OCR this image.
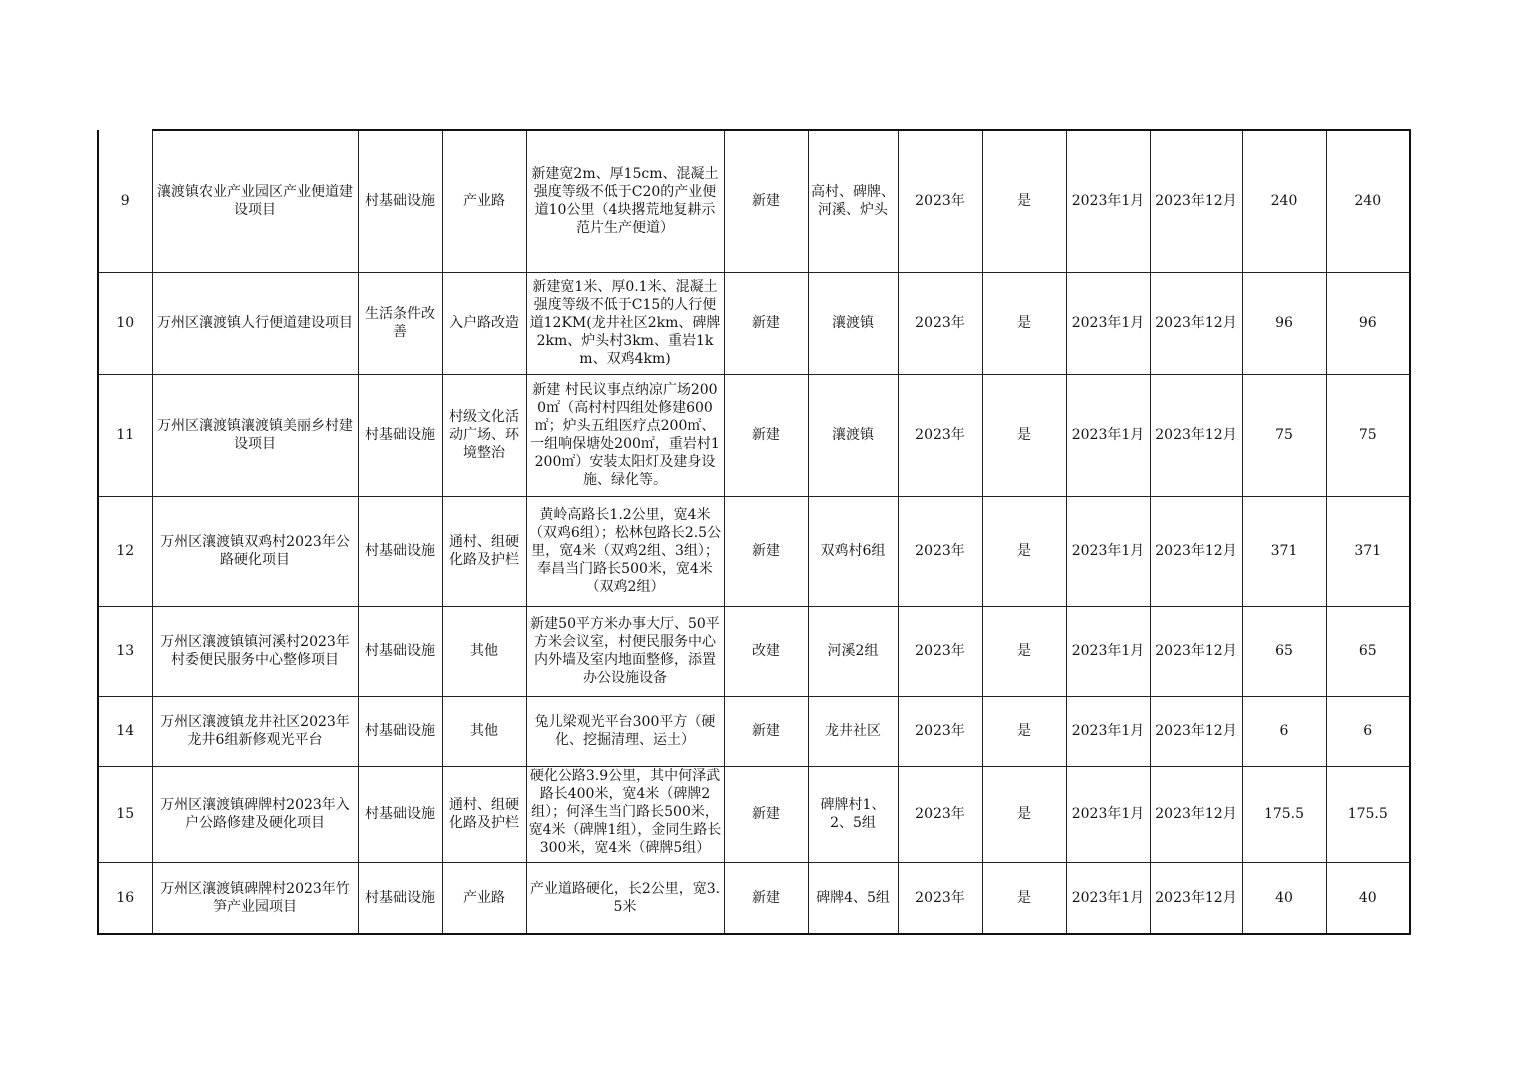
9	瀼渡镇农业产业园区产业便道建设项目	村基础设施	产业路	新建宽2m、厚15cm、混凝土强度等级不低于C20的产业便道10公里（4块撂荒地复耕示范片生产便道）	新建	高村、碑牌、河溪、炉头	2023年	是	2023年1月	2023年12月	240	240
10	万州区瀼渡镇人行便道建设项目	生活条件改善	入户路改造	新建宽1米、厚0.1米、混凝土强度等级不低于C15的人行便道12KM(龙井社区2km、碑牌2km、炉头村3km、重岩1km、双鸡4km)	新建	瀼渡镇	2023年	是	2023年1月	2023年12月	96	96
11	万州区瀼渡镇瀼渡镇美丽乡村建设项目	村基础设施	村级文化活动广场、环境整治	新建 村民议事点纳凉广场2000㎡（高村村四组处修建600㎡；炉头五组医疗点200㎡、一组响保塘处200㎡，重岩村1200㎡）安装太阳灯及建身设施、绿化等。	新建	瀼渡镇	2023年	是	2023年1月	2023年12月	75	75
12	万州区瀼渡镇双鸡村2023年公路硬化项目	村基础设施	通村、组硬化路及护栏	黄岭高路长1.2公里，宽4米（双鸡6组）；松林包路长2.5公里，宽4米（双鸡2组、3组）；奉昌当门路长500米，宽4米（双鸡2组）	新建	双鸡村6组	2023年	是	2023年1月	2023年12月	371	371
13	万州区瀼渡镇镇河溪村2023年村委便民服务中心整修项目	村基础设施	其他	新建50平方米办事大厅、50平方米会议室，村便民服务中心内外墙及室内地面整修，添置办公设施设备	改建	河溪2组	2023年	是	2023年1月	2023年12月	65	65
14	万州区瀼渡镇龙井社区2023年龙井6组新修观光平台	村基础设施	其他	兔儿梁观光平台300平方（硬化、挖掘清理、运土）	新建	龙井社区	2023年	是	2023年1月	2023年12月	6	6
15	万州区瀼渡镇碑牌村2023年入户公路修建及硬化项目	村基础设施	通村、组硬化路及护栏	硬化公路3.9公里，其中何泽武路长400米，宽4米（碑牌2组）；何泽生当门路长500米，宽4米（碑牌1组），金同生路长300米，宽4米（碑牌5组）	新建	碑牌村1、2、5组	2023年	是	2023年1月	2023年12月	175.5	175.5
16	万州区瀼渡镇碑牌村2023年竹笋产业园项目	村基础设施	产业路	产业道路硬化，长2公里，宽3.5米	新建	碑牌4、5组	2023年	是	2023年1月	2023年12月	40	40
